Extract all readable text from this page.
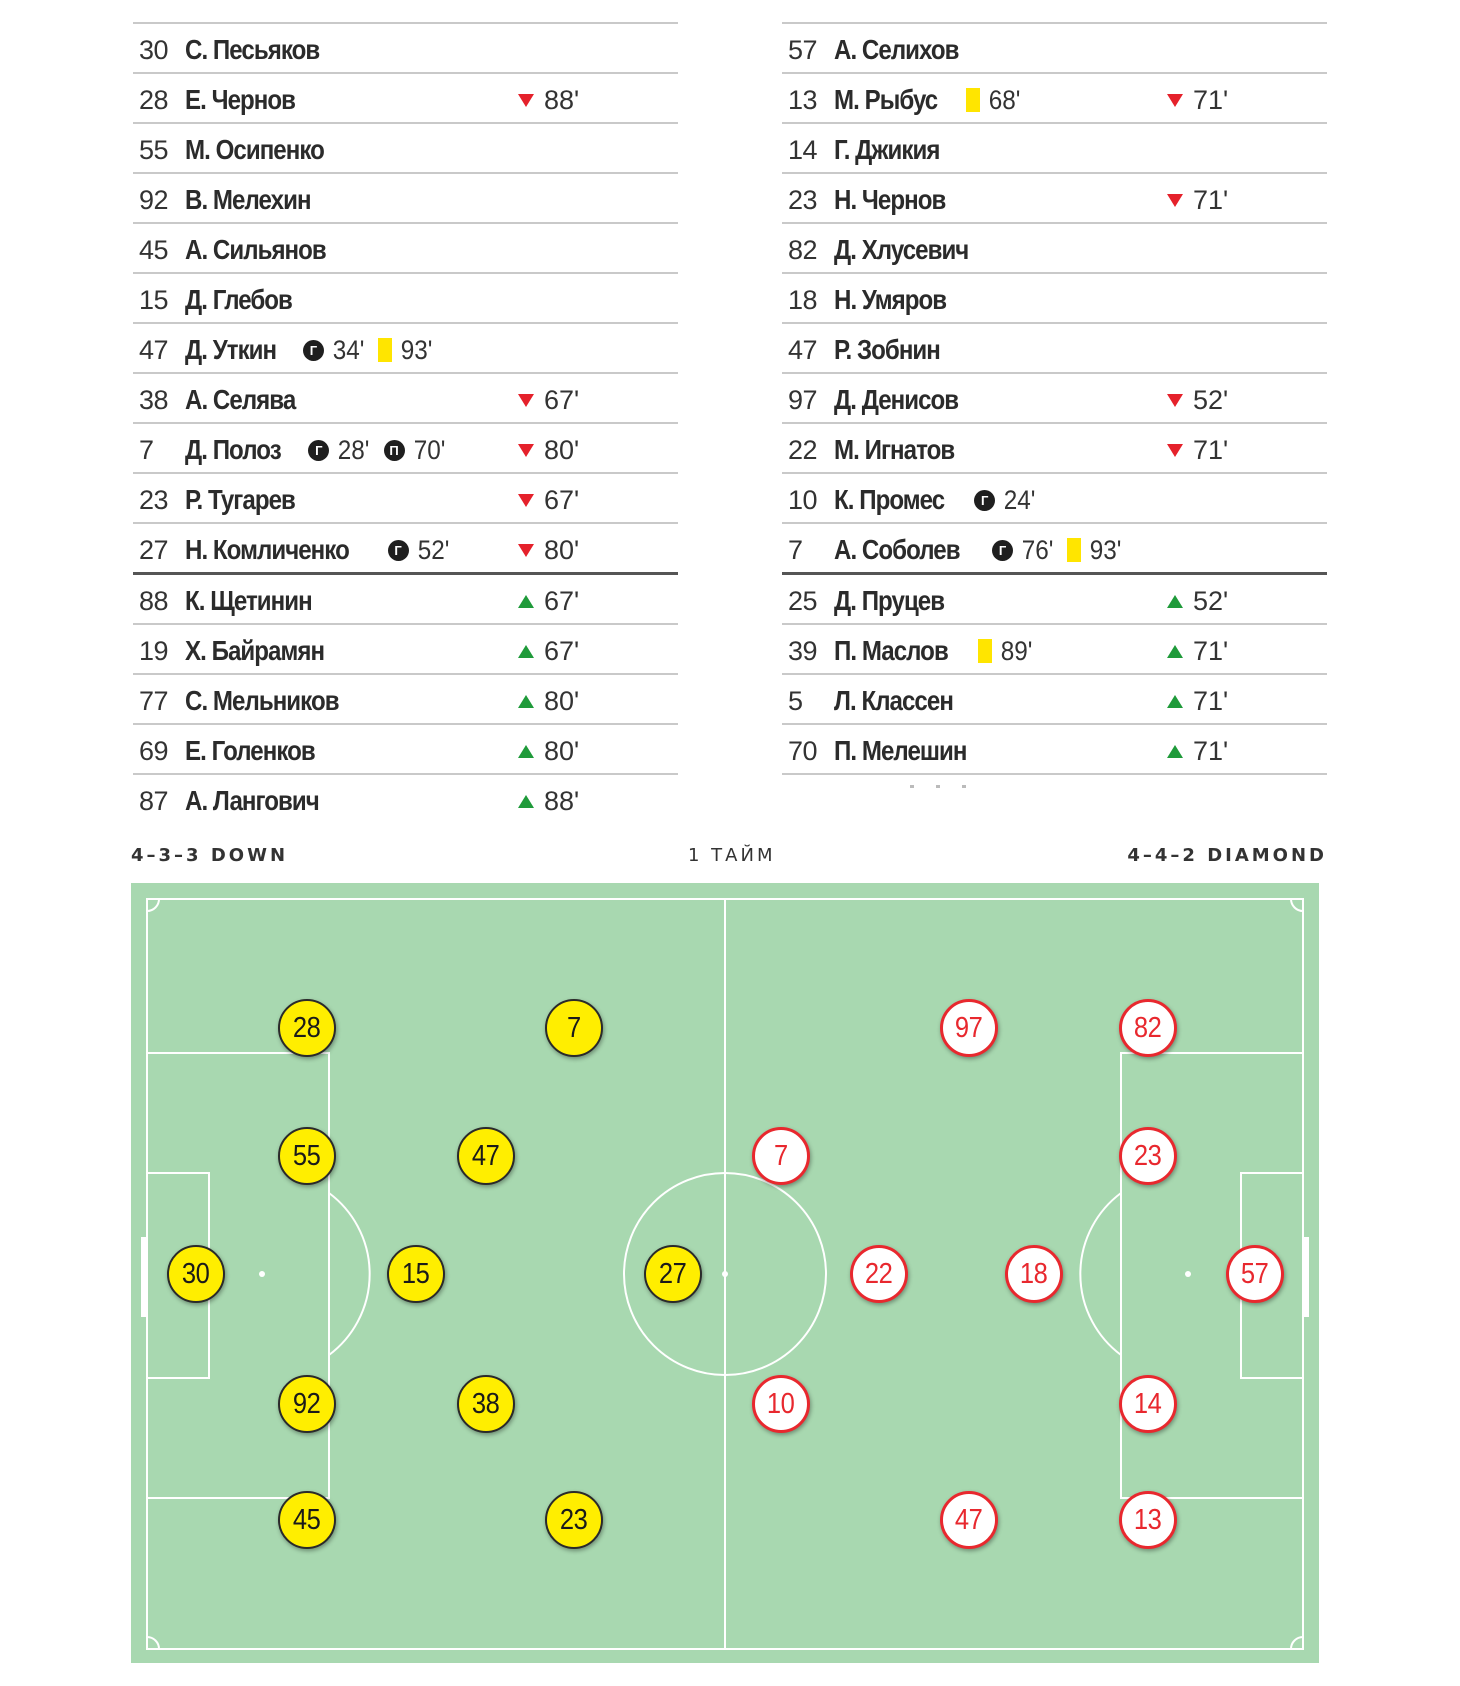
30 С. Песьяков
28 Е. Чернов	88'
55 М. Осипенко
92 В. Мелехин
45 А. Сильянов
15 Д. Глебов
47 Д. Уткин	Г 34' 93'
38 А. Селява	67'
7 Д. Полоз	Г 28'	П 70'	80'
23 Р. Тугарев	67'
27 Н. Комличенко	Г 52'	80'
88 К. Щетинин	67'
19 Х. Байрамян	67'
77 С. Мельников	80'
69 Е. Голенков	80'
87 А. Лангович	88'
57 А. Селихов
13 М. Рыбус	68'	71'
14 Г. Джикия
23 Н. Чернов	71'
82 Д. Хлусевич
18 Н. Умяров
47 Р. Зобнин
97 Д. Денисов	52'
22 М. Игнатов	71'
10 К. Промес	Г 24'
7 А. Соболев	Г 76' 93'
25 Д. Пруцев	52'
39 П. Маслов	89'	71'
5 Л. Классен	71'
70 П. Мелешин	71'
4–3–3 DOWN	1 ТАЙМ	4–4–2 DIAMOND
28	7
55	47
30	15	27
92	38
45	23
97	82
7	23
22	18	57
10	14
47	13
